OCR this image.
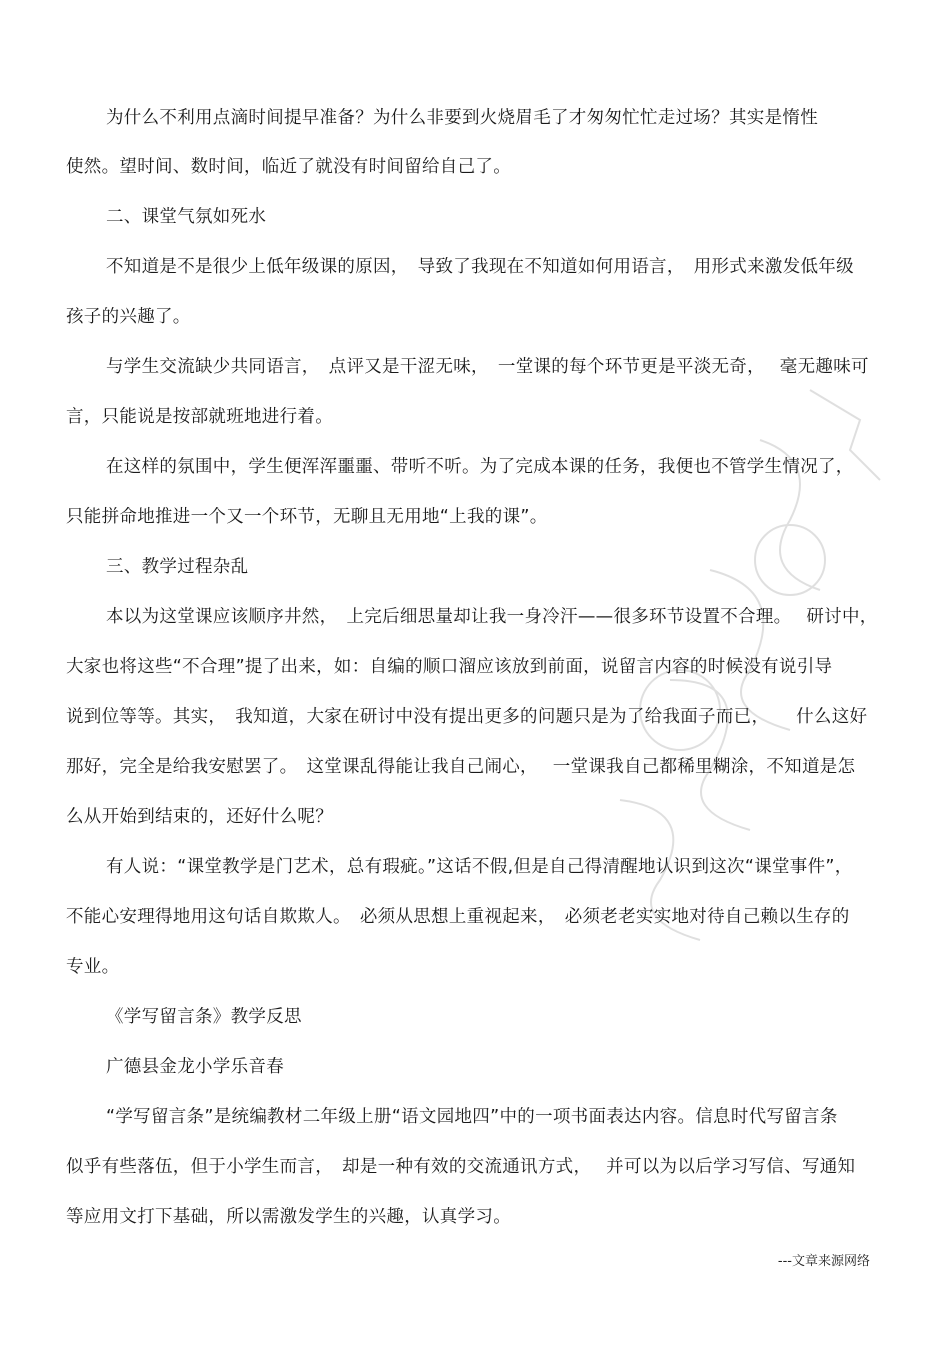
为什么不利用点滴时间提早准备？为什么非要到火烧眉毛了才匆匆忙忙走过场？其实是惰性
使然。望时间、数时间，临近了就没有时间留给自己了。
二、课堂气氛如死水
不知道是不是很少上低年级课的原因，　导致了我现在不知道如何用语言，　用形式来激发低年级
孩子的兴趣了。
与学生交流缺少共同语言，　点评又是干涩无味，　一堂课的每个环节更是平淡无奇，　 毫无趣味可
言，只能说是按部就班地进行着。
在这样的氛围中，学生便浑浑噩噩、带听不听。为了完成本课的任务，我便也不管学生情况了，
只能拼命地推进一个又一个环节，无聊且无用地“上我的课”。
三、教学过程杂乱
本以为这堂课应该顺序井然，　上完后细思量却让我一身冷汗——很多环节设置不合理。　 研讨中，
大家也将这些“不合理”提了出来，如：自编的顺口溜应该放到前面，说留言内容的时候没有说引导
说到位等等。其实，　我知道，大家在研讨中没有提出更多的问题只是为了给我面子而已，　　什么这好
那好，完全是给我安慰罢了。　这堂课乱得能让我自己闹心，　 一堂课我自己都稀里糊涂，不知道是怎
么从开始到结束的，还好什么呢？
有人说：“课堂教学是门艺术，总有瑕疵。”这话不假,但是自己得清醒地认识到这次“课堂事件”，
不能心安理得地用这句话自欺欺人。　必须从思想上重视起来，　必须老老实实地对待自己赖以生存的
专业。
《学写留言条》教学反思
广德县金龙小学乐音春
“学写留言条”是统编教材二年级上册“语文园地四”中的一项书面表达内容。信息时代写留言条
似乎有些落伍，但于小学生而言，　却是一种有效的交流通讯方式，　 并可以为以后学习写信、写通知
等应用文打下基础，所以需激发学生的兴趣，认真学习。
---文章来源网络
